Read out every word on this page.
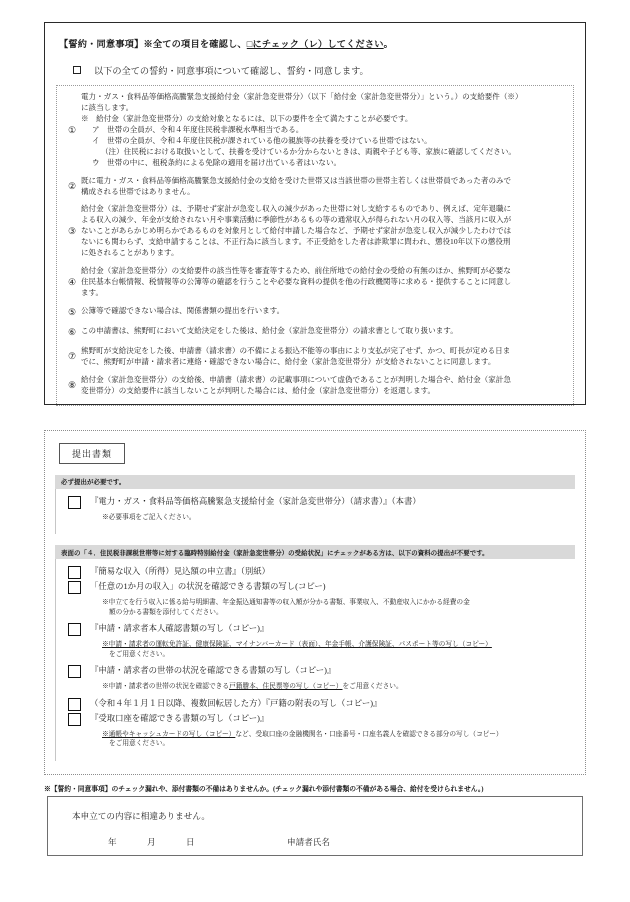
【誓約・同意事項】※全ての項目を確認し、□にチェック（レ）してください。
以下の全ての誓約・同意事項について確認し、誓約・同意します。
①
電力・ガス・食料品等価格高騰緊急支援給付金（家計急変世帯分）（以下「給付金（家計急変世帯分）」という。）の支給要件（※）
に該当します。
※　給付金（家計急変世帯分）の支給対象となるには、以下の要件を全て満たすことが必要です。
ア　世帯の全員が、令和４年度住民税非課税水準相当である。
イ　世帯の全員が、令和４年度住民税が課されている他の親族等の扶養を受けている世帯ではない。
（注）住民税における取扱いとして、扶養を受けているか分からないときは、両親や子ども等、家族に確認してください。
ウ　世帯の中に、租税条約による免除の適用を届け出ている者はいない。
②
既に電力・ガス・食料品等価格高騰緊急支援給付金の支給を受けた世帯又は当該世帯の世帯主若しくは世帯員であった者のみで
構成される世帯ではありません。
③
給付金（家計急変世帯分）は、予期せず家計が急変し収入の減少があった世帯に対し支給するものであり、例えば、定年退職に
よる収入の減少、年金が支給されない月や事業活動に季節性があるもの等の通常収入が得られない月の収入等、当該月に収入が
ないことがあらかじめ明らかであるものを対象月として給付申請した場合など、予期せず家計が急変し収入が減少したわけでは
ないにも関わらず、支給申請することは、不正行為に該当します。不正受給をした者は詐欺罪に問われ、懲役10年以下の懲役刑
に処されることがあります。
④
給付金（家計急変世帯分）の支給要件の該当性等を審査等するため、前住所地での給付金の受給の有無のほか、熊野町が必要な
住民基本台帳情報、税情報等の公簿等の確認を行うことや必要な資料の提供を他の行政機関等に求める・提供することに同意し
ます。
⑤ 公簿等で確認できない場合は、関係書類の提出を行います。
⑥ この申請書は、熊野町において支給決定をした後は、給付金（家計急変世帯分）の請求書として取り扱います。
⑦
熊野町が支給決定をした後、申請書（請求書）の不備による振込不能等の事由により支払が完了せず、かつ、町長が定める日ま
でに、熊野町が申請・請求者に連絡・確認できない場合に、給付金（家計急変世帯分）が支給されないことに同意します。
⑧
給付金（家計急変世帯分）の支給後、申請書（請求書）の記載事項について虚偽であることが判明した場合や、給付金（家計急
変世帯分）の支給要件に該当しないことが判明した場合には、給付金（家計急変世帯分）を返還します。
提出書類
必ず提出が必要です。
『電力・ガス・食料品等価格高騰緊急支援給付金（家計急変世帯分）（請求書）』（本書）
※必要事項をご記入ください。
表面の「４．住民税非課税世帯等に対する臨時特別給付金（家計急変世帯分）の受給状況」にチェックがある方は、以下の資料の提出が不要です。
『簡易な収入（所得）見込額の申立書』（別紙）
「任意の1か月の収入」の状況を確認できる書類の写し(コピー)
※申立てを行う収入に係る給与明細書、年金振込通知書等の収入額が分かる書類、事業収入、不動産収入にかかる経費の金
額の分かる書類を添付してください。
『申請・請求者本人確認書類の写し（コピー)』
※申請・請求者の運転免許証、健康保険証、マイナンバーカード（表面）、年金手帳、介護保険証、パスポート等の写し（コピー）
をご用意ください。
『申請・請求者の世帯の状況を確認できる書類の写し（コピー)』
※申請・請求者の世帯の状況を確認できる戸籍謄本、住民票等の写し（コピー）をご用意ください。
（令和４年１月１日以降、複数回転居した方）『戸籍の附表の写し（コピー)』
『受取口座を確認できる書類の写し（コピー)』
※通帳やキャッシュカードの写し（コピー）など、受取口座の金融機関名・口座番号・口座名義人を確認できる部分の写し（コピー）
をご用意ください。
※【誓約・同意事項】のチェック漏れや、添付書類の不備はありませんか。(チェック漏れや添付書類の不備がある場合、給付を受けられません。)
本申立ての内容に相違ありません。
年	月	日	申請者氏名
